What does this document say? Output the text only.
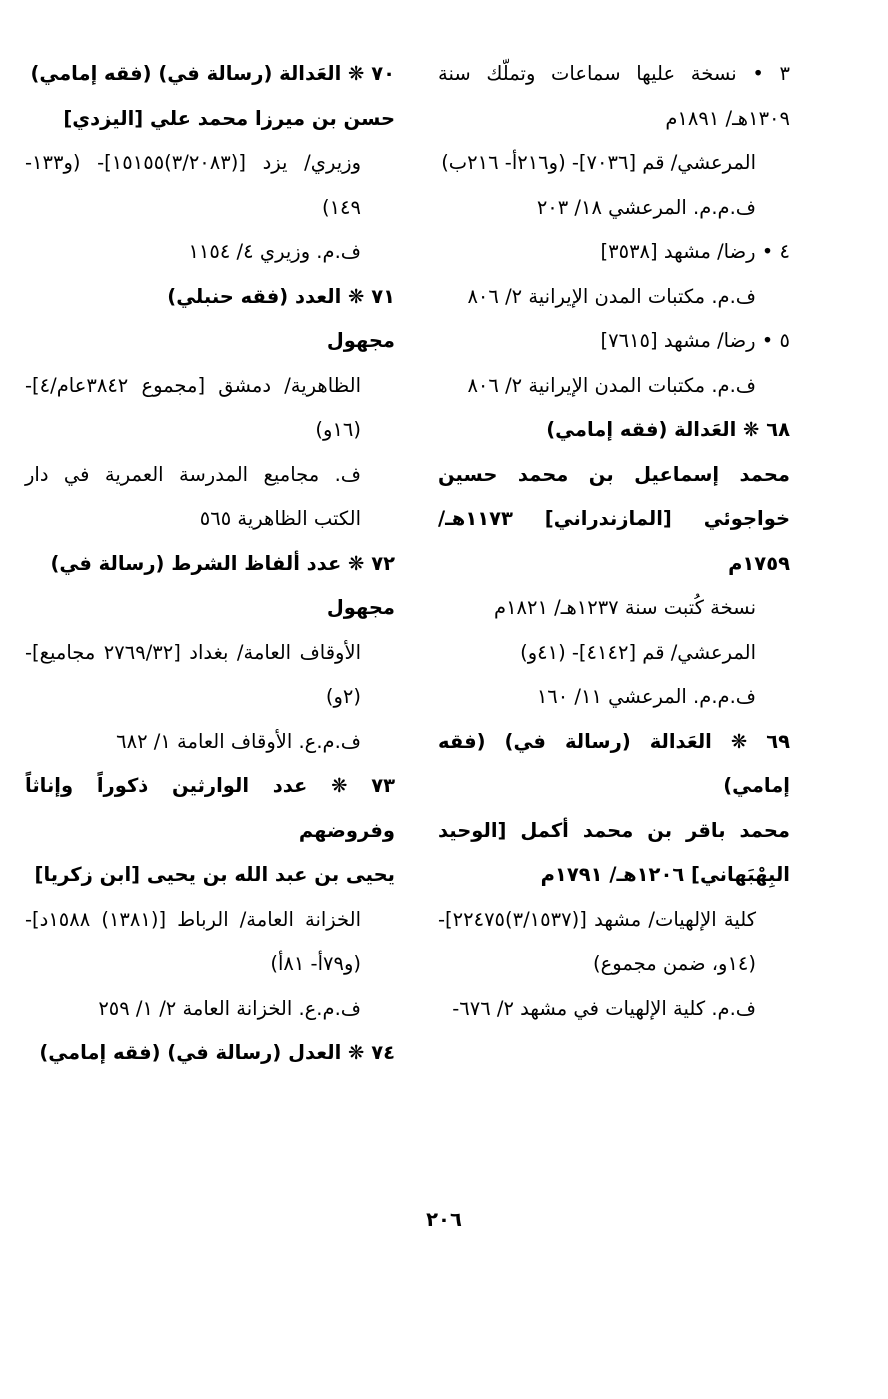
٣ • نسخة عليها سماعات وتملّك سنة ١٣٠٩هـ/ ١٨٩١م

المرعشي/ قم [٧٠٣٦]- (و٢١٦أ- ٢١٦ب)

ف.م.م. المرعشي ١٨/ ٢٠٣

٤ • رضا/ مشهد [٣٥٣٨]

ف.م. مكتبات المدن الإيرانية ٢/ ٨٠٦

٥ • رضا/ مشهد [٧٦١٥]

ف.م. مكتبات المدن الإيرانية ٢/ ٨٠٦

٦٨ ❋ العَدالة (فقه إمامي)

محمد إسماعيل بن محمد حسين خواجوئي [المازندراني] ١١٧٣هـ/ ١٧٥٩م

نسخة كُتبت سنة ١٢٣٧هـ/ ١٨٢١م

المرعشي/ قم [٤١٤٢]- (٤١و)

ف.م.م. المرعشي ١١/ ١٦٠

٦٩ ❋ العَدالة (رسالة في) (فقه إمامي)

محمد باقر بن محمد أكمل [الوحيد البِهْبَهاني] ١٢٠٦هـ/ ١٧٩١م

كلية الإلهيات/ مشهد [(٣/١٥٣٧)٢٢٤٧٥]- (١٤و، ضمن مجموع)

ف.م. كلية الإلهيات في مشهد ٢/ ٦٧٦-

٧٠ ❋ العَدالة (رسالة في) (فقه إمامي)

حسن بن ميرزا محمد علي [اليزدي]

وزيري/ يزد [(٣/٢٠٨٣)١٥١٥٥]- (و١٣٣- ١٤٩)

ف.م. وزيري ٤/ ١١٥٤

٧١ ❋ العدد (فقه حنبلي)

مجهول

الظاهرية/ دمشق [مجموع ٣٨٤٢عام/٤]- (١٦و)

ف. مجاميع المدرسة العمرية في دار الكتب الظاهرية ٥٦٥

٧٢ ❋ عدد ألفاظ الشرط (رسالة في)

مجهول

الأوقاف العامة/ بغداد [٢٧٦٩/٣٢ مجاميع]- (٢و)

ف.م.ع. الأوقاف العامة ١/ ٦٨٢

٧٣ ❋ عدد الوارثين ذكوراً وإناثاً وفروضهم

يحيى بن عبد الله بن يحيى [ابن زكريا]

الخزانة العامة/ الرباط [(١٣٨١) ١٥٨٨د]- (و٧٩أ- ٨١أ)

ف.م.ع. الخزانة العامة ٢/ ١/ ٢٥٩

٧٤ ❋ العدل (رسالة في) (فقه إمامي)

٢٠٦
